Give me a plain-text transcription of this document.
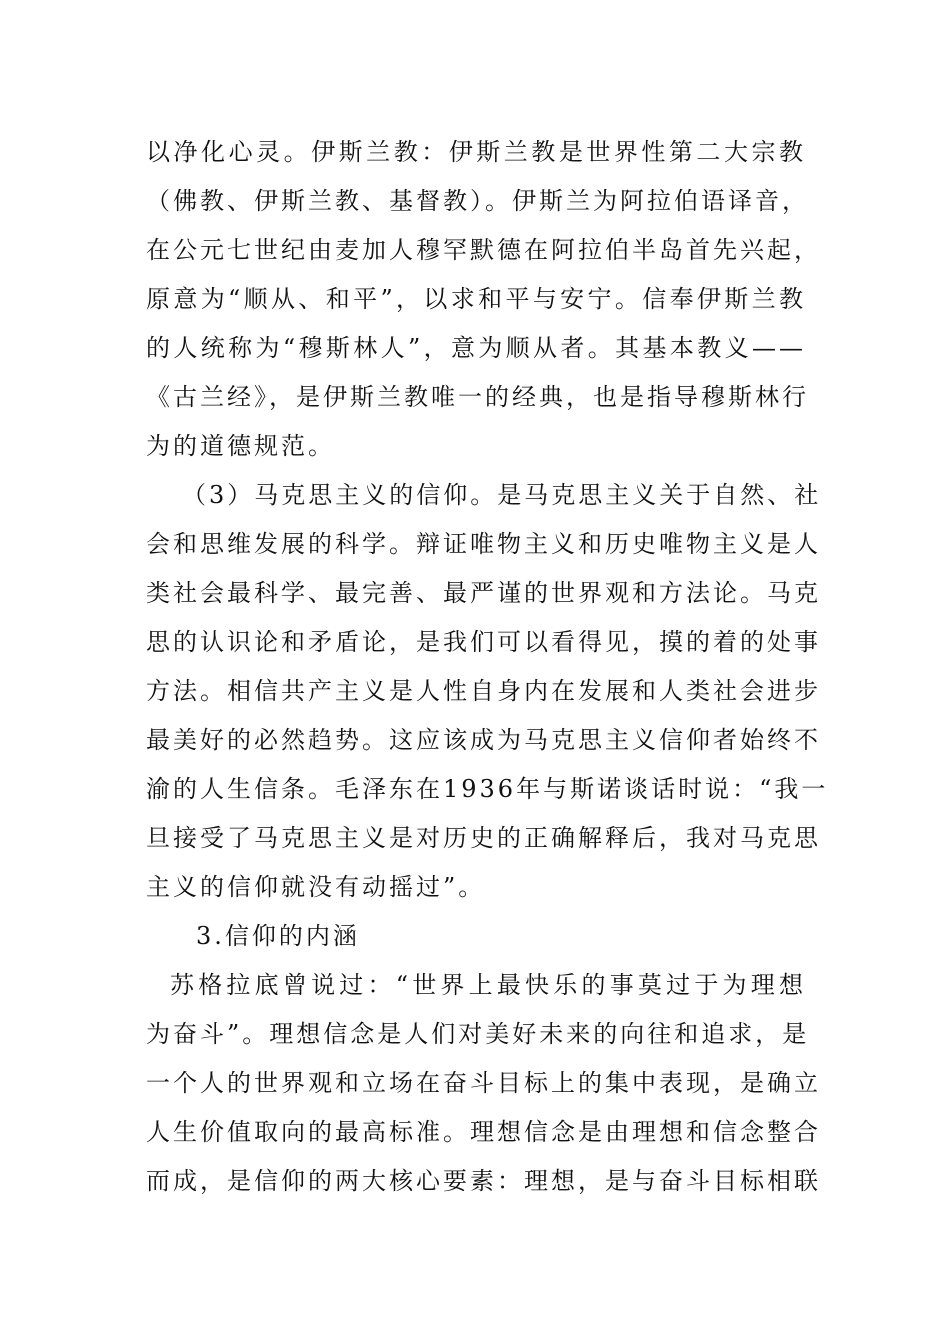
以净化心灵。伊斯兰教：伊斯兰教是世界性第二大宗教
（佛教、伊斯兰教、基督教）。伊斯兰为阿拉伯语译音，
在公元七世纪由麦加人穆罕默德在阿拉伯半岛首先兴起，
原意为“顺从、和平”，以求和平与安宁。信奉伊斯兰教
的人统称为“穆斯林人”，意为顺从者。其基本教义——
《古兰经》，是伊斯兰教唯一的经典，也是指导穆斯林行
为的道德规范。
（3）马克思主义的信仰。是马克思主义关于自然、社
会和思维发展的科学。辩证唯物主义和历史唯物主义是人
类社会最科学、最完善、最严谨的世界观和方法论。马克
思的认识论和矛盾论，是我们可以看得见，摸的着的处事
方法。相信共产主义是人性自身内在发展和人类社会进步
最美好的必然趋势。这应该成为马克思主义信仰者始终不
渝的人生信条。毛泽东在1936年与斯诺谈话时说：“我一
旦接受了马克思主义是对历史的正确解释后，我对马克思
主义的信仰就没有动摇过”。
3.信仰的内涵
苏格拉底曾说过：“世界上最快乐的事莫过于为理想
为奋斗”。理想信念是人们对美好未来的向往和追求，是
一个人的世界观和立场在奋斗目标上的集中表现，是确立
人生价值取向的最高标准。理想信念是由理想和信念整合
而成，是信仰的两大核心要素：理想，是与奋斗目标相联
